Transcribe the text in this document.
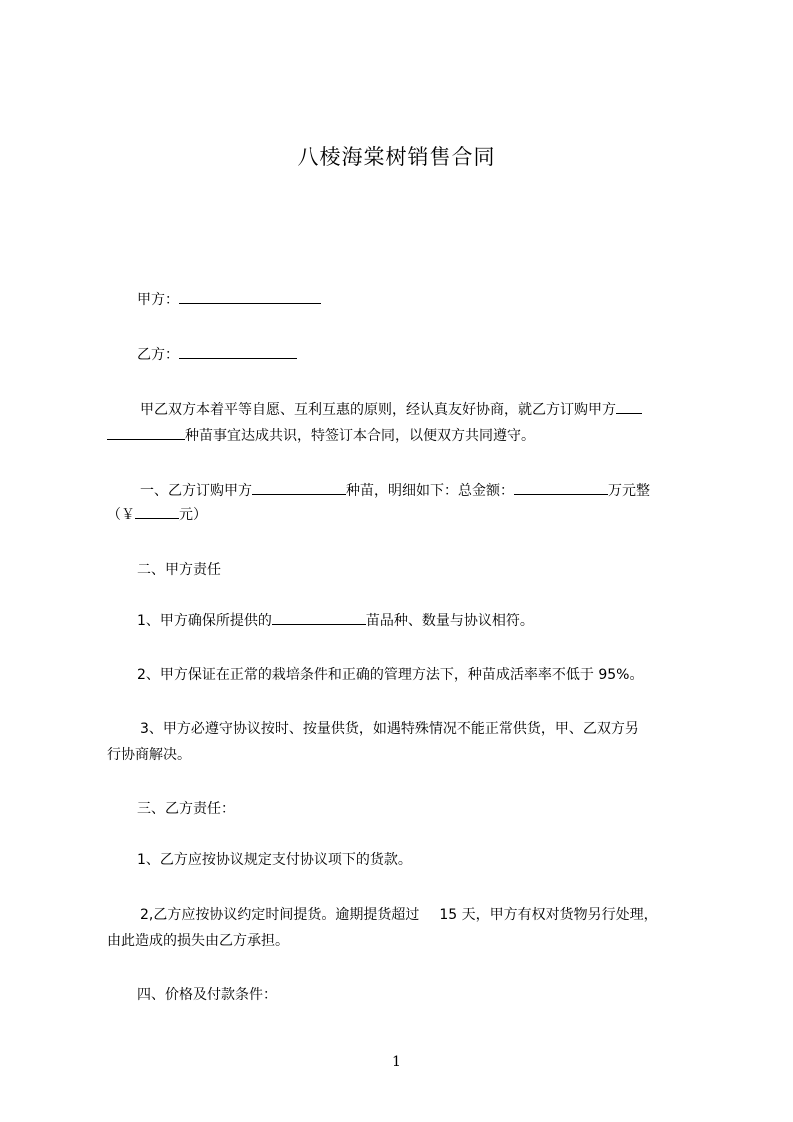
八棱海棠树销售合同
甲方：
乙方：
甲乙双方本着平等自愿、互利互惠的原则，经认真友好协商，就乙方订购甲方
种苗事宜达成共识，特签订本合同，以便双方共同遵守。
一、乙方订购甲方	种苗，明细如下：总金额：	万元整
（￥	元）
二、甲方责任
1、甲方确保所提供的	苗品种、数量与协议相符。
2、甲方保证在正常的栽培条件和正确的管理方法下，种苗成活率率不低于 95%。
3、甲方必遵守协议按时、按量供货，如遇特殊情况不能正常供货，甲、乙双方另
行协商解决。
三、乙方责任：
1、乙方应按协议规定支付协议项下的货款。
2,乙方应按协议约定时间提货。逾期提货超过 15 天，甲方有权对货物另行处理，
由此造成的损失由乙方承担。
四、价格及付款条件：
1
